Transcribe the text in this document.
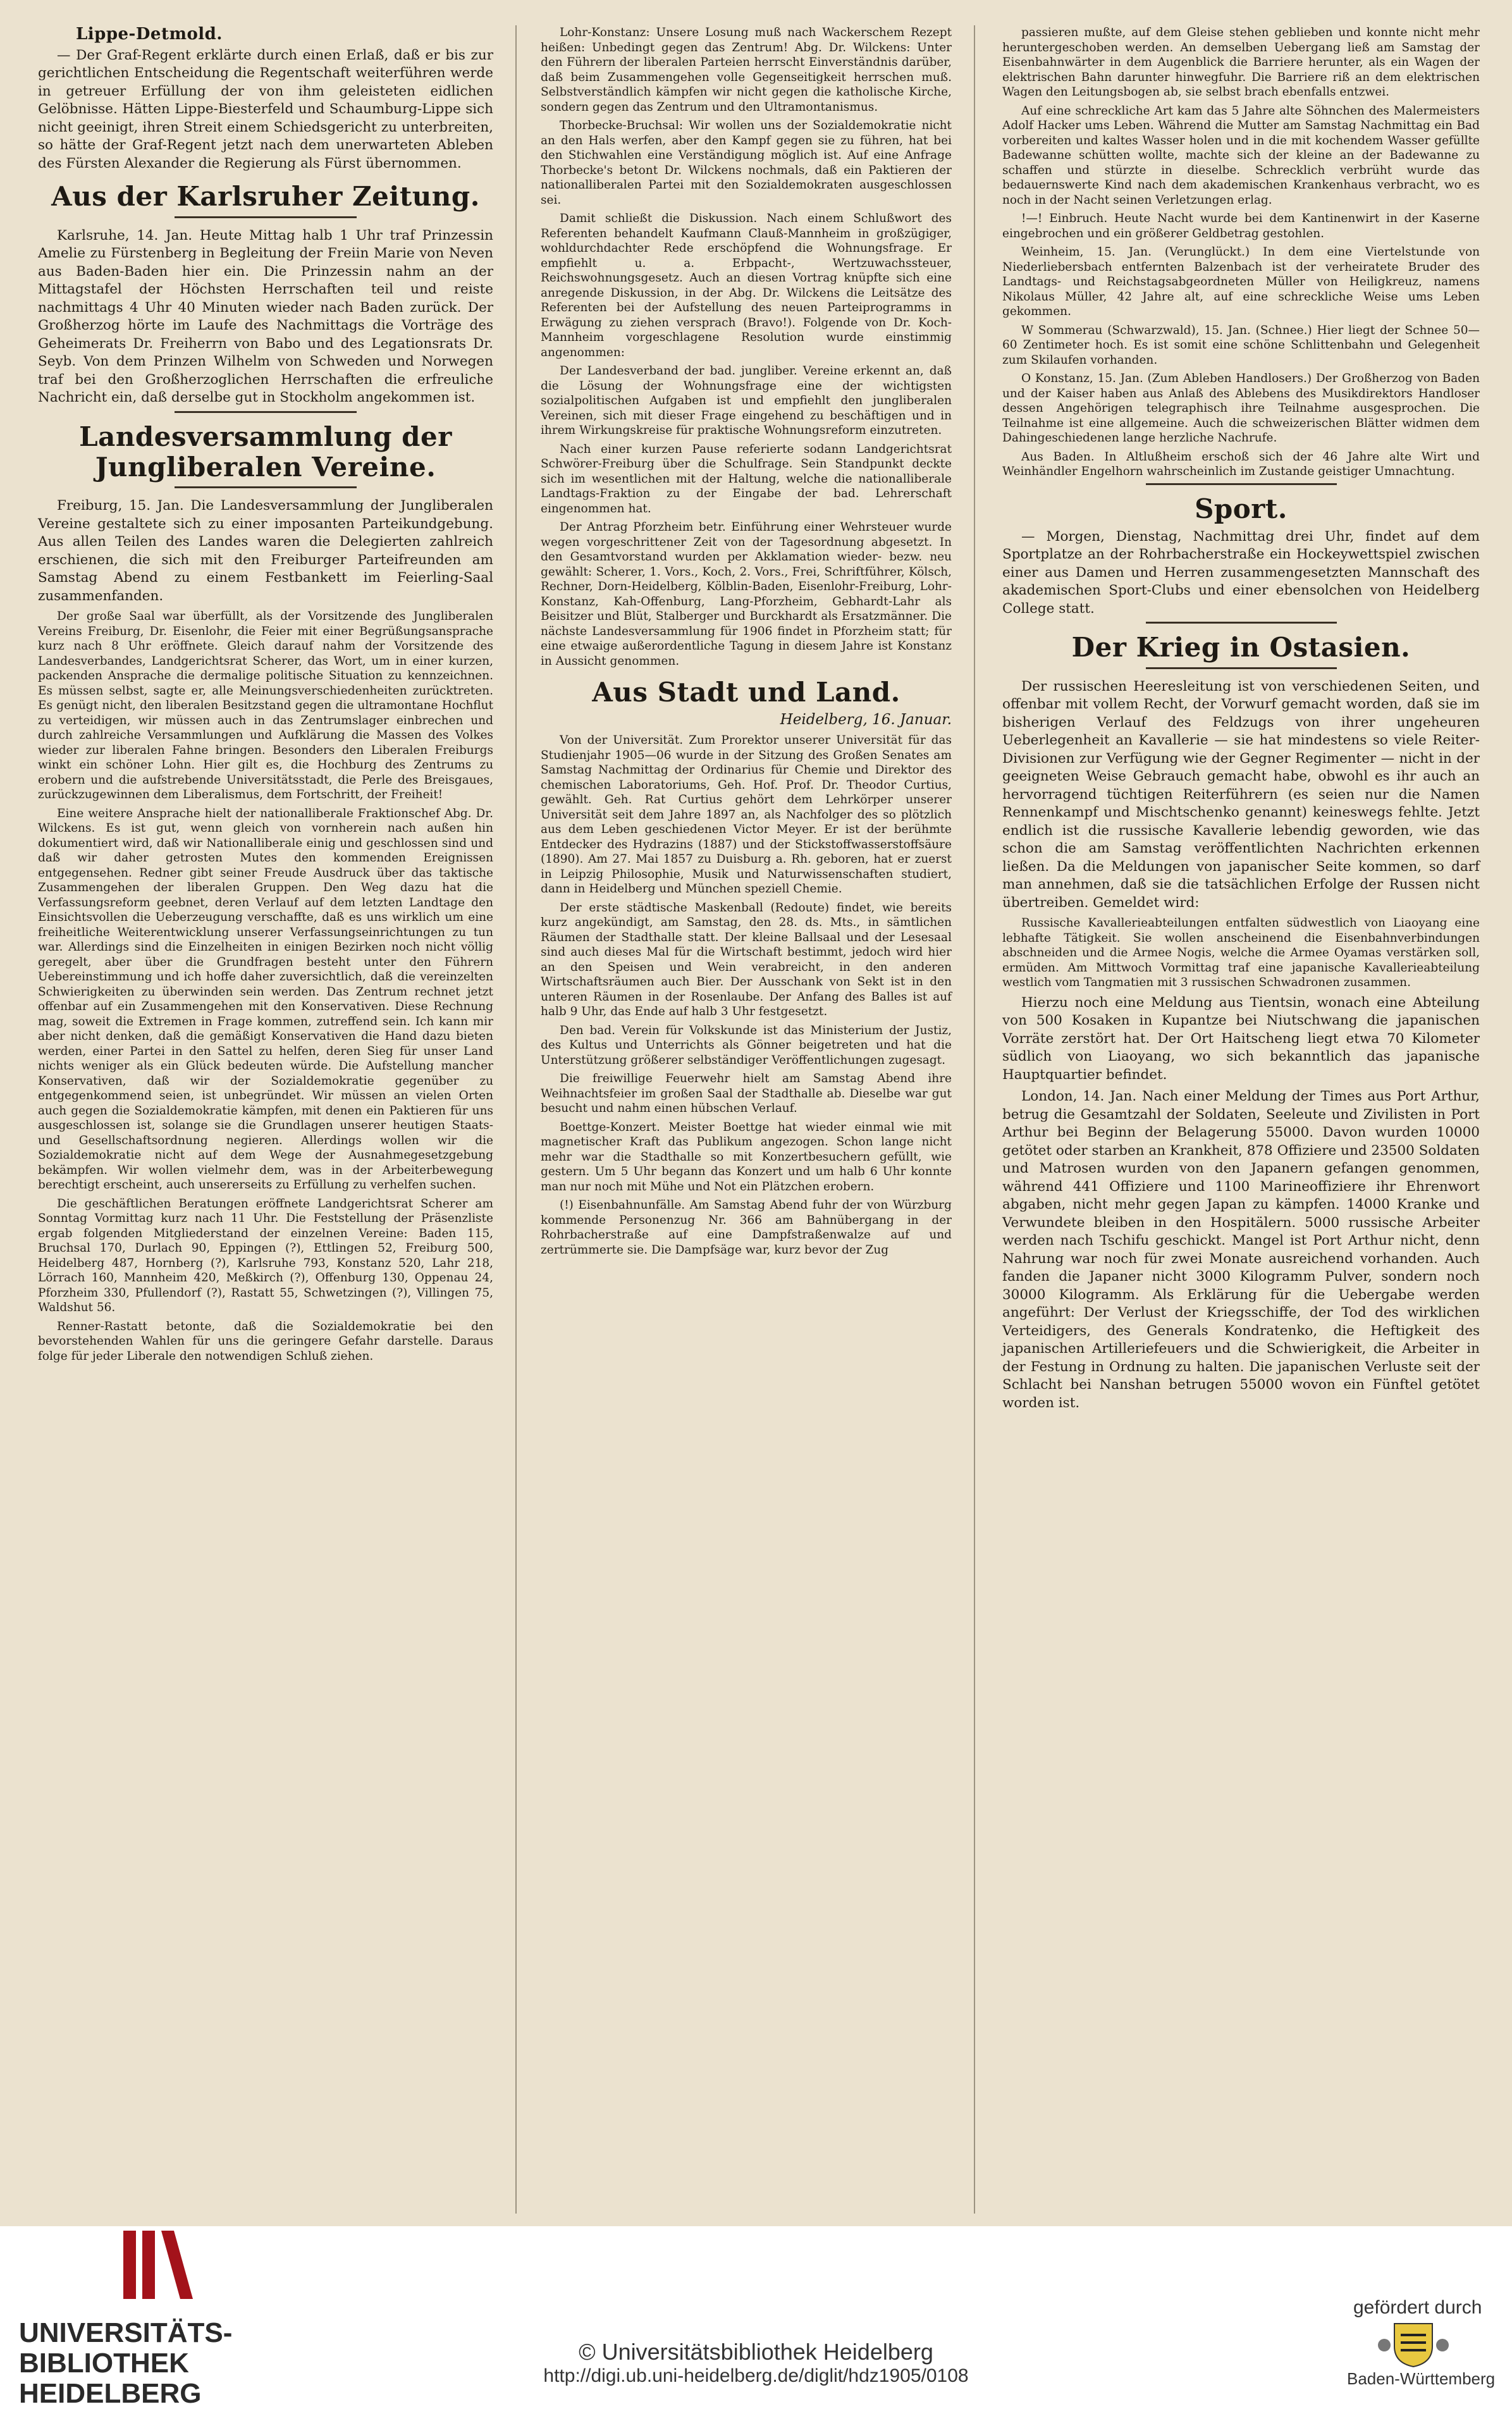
Lippe-Detmold.

— Der Graf-Regent erklärte durch einen Erlaß, daß er bis zur gerichtlichen Entscheidung die Regentschaft weiterführen werde in getreuer Erfüllung der von ihm geleisteten eidlichen Gelöbnisse. Hätten Lippe-Biesterfeld und Schaumburg-Lippe sich nicht geeinigt, ihren Streit einem Schiedsgericht zu unterbreiten, so hätte der Graf-Regent jetzt nach dem unerwarteten Ableben des Fürsten Alexander die Regierung als Fürst übernommen.

Aus der Karlsruher Zeitung.

Karlsruhe, 14. Jan. Heute Mittag halb 1 Uhr traf Prinzessin Amelie zu Fürstenberg in Begleitung der Freiin Marie von Neven aus Baden-Baden hier ein. Die Prinzessin nahm an der Mittagstafel der Höchsten Herrschaften teil und reiste nachmittags 4 Uhr 40 Minuten wieder nach Baden zurück. Der Großherzog hörte im Laufe des Nachmittags die Vorträge des Geheimerats Dr. Freiherrn von Babo und des Legationsrats Dr. Seyb. Von dem Prinzen Wilhelm von Schweden und Norwegen traf bei den Großherzoglichen Herrschaften die erfreuliche Nachricht ein, daß derselbe gut in Stockholm angekommen ist.

Landesversammlung der Jungliberalen Vereine.

Freiburg, 15. Jan. Die Landesversammlung der Jungliberalen Vereine gestaltete sich zu einer imposanten Parteikundgebung. Aus allen Teilen des Landes waren die Delegierten zahlreich erschienen, die sich mit den Freiburger Parteifreunden am Samstag Abend zu einem Festbankett im Feierling-Saal zusammenfanden.

Der große Saal war überfüllt, als der Vorsitzende des Jungliberalen Vereins Freiburg, Dr. Eisenlohr, die Feier mit einer Begrüßungsansprache kurz nach 8 Uhr eröffnete. Gleich darauf nahm der Vorsitzende des Landesverbandes, Landgerichtsrat Scherer, das Wort, um in einer kurzen, packenden Ansprache die dermalige politische Situation zu kennzeichnen. Es müssen selbst, sagte er, alle Meinungsverschiedenheiten zurücktreten. Es genügt nicht, den liberalen Besitzstand gegen die ultramontane Hochflut zu verteidigen, wir müssen auch in das Zentrumslager einbrechen und durch zahlreiche Versammlungen und Aufklärung die Massen des Volkes wieder zur liberalen Fahne bringen. Besonders den Liberalen Freiburgs winkt ein schöner Lohn. Hier gilt es, die Hochburg des Zentrums zu erobern und die aufstrebende Universitätsstadt, die Perle des Breisgaues, zurückzugewinnen dem Liberalismus, dem Fortschritt, der Freiheit!

Eine weitere Ansprache hielt der nationalliberale Fraktionschef Abg. Dr. Wilckens. Es ist gut, wenn gleich von vornherein nach außen hin dokumentiert wird, daß wir Nationalliberale einig und geschlossen sind und daß wir daher getrosten Mutes den kommenden Ereignissen entgegensehen. Redner gibt seiner Freude Ausdruck über das taktische Zusammengehen der liberalen Gruppen. Den Weg dazu hat die Verfassungsreform geebnet, deren Verlauf auf dem letzten Landtage den Einsichtsvollen die Ueberzeugung verschaffte, daß es uns wirklich um eine freiheitliche Weiterentwicklung unserer Verfassungseinrichtungen zu tun war. Allerdings sind die Einzelheiten in einigen Bezirken noch nicht völlig geregelt, aber über die Grundfragen besteht unter den Führern Uebereinstimmung und ich hoffe daher zuversichtlich, daß die vereinzelten Schwierigkeiten zu überwinden sein werden. Das Zentrum rechnet jetzt offenbar auf ein Zusammengehen mit den Konservativen. Diese Rechnung mag, soweit die Extremen in Frage kommen, zutreffend sein. Ich kann mir aber nicht denken, daß die gemäßigt Konservativen die Hand dazu bieten werden, einer Partei in den Sattel zu helfen, deren Sieg für unser Land nichts weniger als ein Glück bedeuten würde. Die Aufstellung mancher Konservativen, daß wir der Sozialdemokratie gegenüber zu entgegenkommend seien, ist unbegründet. Wir müssen an vielen Orten auch gegen die Sozialdemokratie kämpfen, mit denen ein Paktieren für uns ausgeschlossen ist, solange sie die Grundlagen unserer heutigen Staats- und Gesellschaftsordnung negieren. Allerdings wollen wir die Sozialdemokratie nicht auf dem Wege der Ausnahmegesetzgebung bekämpfen. Wir wollen vielmehr dem, was in der Arbeiterbewegung berechtigt erscheint, auch unsererseits zu Erfüllung zu verhelfen suchen.

Die geschäftlichen Beratungen eröffnete Landgerichtsrat Scherer am Sonntag Vormittag kurz nach 11 Uhr. Die Feststellung der Präsenzliste ergab folgenden Mitgliederstand der einzelnen Vereine: Baden 115, Bruchsal 170, Durlach 90, Eppingen (?), Ettlingen 52, Freiburg 500, Heidelberg 487, Hornberg (?), Karlsruhe 793, Konstanz 520, Lahr 218, Lörrach 160, Mannheim 420, Meßkirch (?), Offenburg 130, Oppenau 24, Pforzheim 330, Pfullendorf (?), Rastatt 55, Schwetzingen (?), Villingen 75, Waldshut 56.

Renner-Rastatt betonte, daß die Sozialdemokratie bei den bevorstehenden Wahlen für uns die geringere Gefahr darstelle. Daraus folge für jeder Liberale den notwendigen Schluß ziehen.

Lohr-Konstanz: Unsere Losung muß nach Wackerschem Rezept heißen: Unbedingt gegen das Zentrum! Abg. Dr. Wilckens: Unter den Führern der liberalen Parteien herrscht Einverständnis darüber, daß beim Zusammengehen volle Gegenseitigkeit herrschen muß. Selbstverständlich kämpfen wir nicht gegen die katholische Kirche, sondern gegen das Zentrum und den Ultramontanismus.

Thorbecke-Bruchsal: Wir wollen uns der Sozialdemokratie nicht an den Hals werfen, aber den Kampf gegen sie zu führen, hat bei den Stichwahlen eine Verständigung möglich ist. Auf eine Anfrage Thorbecke's betont Dr. Wilckens nochmals, daß ein Paktieren der nationalliberalen Partei mit den Sozialdemokraten ausgeschlossen sei.

Damit schließt die Diskussion. Nach einem Schlußwort des Referenten behandelt Kaufmann Clauß-Mannheim in großzügiger, wohldurchdachter Rede erschöpfend die Wohnungsfrage. Er empfiehlt u. a. Erbpacht-, Wertzuwachssteuer, Reichswohnungsgesetz. Auch an diesen Vortrag knüpfte sich eine anregende Diskussion, in der Abg. Dr. Wilckens die Leitsätze des Referenten bei der Aufstellung des neuen Parteiprogramms in Erwägung zu ziehen versprach (Bravo!). Folgende von Dr. Koch-Mannheim vorgeschlagene Resolution wurde einstimmig angenommen:

Der Landesverband der bad. jungliber. Vereine erkennt an, daß die Lösung der Wohnungsfrage eine der wichtigsten sozialpolitischen Aufgaben ist und empfiehlt den jungliberalen Vereinen, sich mit dieser Frage eingehend zu beschäftigen und in ihrem Wirkungskreise für praktische Wohnungsreform einzutreten.

Nach einer kurzen Pause referierte sodann Landgerichtsrat Schwörer-Freiburg über die Schulfrage. Sein Standpunkt deckte sich im wesentlichen mit der Haltung, welche die nationalliberale Landtags-Fraktion zu der Eingabe der bad. Lehrerschaft eingenommen hat.

Der Antrag Pforzheim betr. Einführung einer Wehrsteuer wurde wegen vorgeschrittener Zeit von der Tagesordnung abgesetzt. In den Gesamtvorstand wurden per Akklamation wieder- bezw. neu gewählt: Scherer, 1. Vors., Koch, 2. Vors., Frei, Schriftführer, Kölsch, Rechner, Dorn-Heidelberg, Kölblin-Baden, Eisenlohr-Freiburg, Lohr-Konstanz, Kah-Offenburg, Lang-Pforzheim, Gebhardt-Lahr als Beisitzer und Blüt, Stalberger und Burckhardt als Ersatzmänner. Die nächste Landesversammlung für 1906 findet in Pforzheim statt; für eine etwaige außerordentliche Tagung in diesem Jahre ist Konstanz in Aussicht genommen.

Aus Stadt und Land.
Heidelberg, 16. Januar.

Von der Universität. Zum Prorektor unserer Universität für das Studienjahr 1905—06 wurde in der Sitzung des Großen Senates am Samstag Nachmittag der Ordinarius für Chemie und Direktor des chemischen Laboratoriums, Geh. Hof. Prof. Dr. Theodor Curtius, gewählt. Geh. Rat Curtius gehört dem Lehrkörper unserer Universität seit dem Jahre 1897 an, als Nachfolger des so plötzlich aus dem Leben geschiedenen Victor Meyer. Er ist der berühmte Entdecker des Hydrazins (1887) und der Stickstoffwasserstoffsäure (1890). Am 27. Mai 1857 zu Duisburg a. Rh. geboren, hat er zuerst in Leipzig Philosophie, Musik und Naturwissenschaften studiert, dann in Heidelberg und München speziell Chemie.

Der erste städtische Maskenball (Redoute) findet, wie bereits kurz angekündigt, am Samstag, den 28. ds. Mts., in sämtlichen Räumen der Stadthalle statt. Der kleine Ballsaal und der Lesesaal sind auch dieses Mal für die Wirtschaft bestimmt, jedoch wird hier an den Speisen und Wein verabreicht, in den anderen Wirtschaftsräumen auch Bier. Der Ausschank von Sekt ist in den unteren Räumen in der Rosenlaube. Der Anfang des Balles ist auf halb 9 Uhr, das Ende auf halb 3 Uhr festgesetzt.

Den bad. Verein für Volkskunde ist das Ministerium der Justiz, des Kultus und Unterrichts als Gönner beigetreten und hat die Unterstützung größerer selbständiger Veröffentlichungen zugesagt.

Die freiwillige Feuerwehr hielt am Samstag Abend ihre Weihnachtsfeier im großen Saal der Stadthalle ab. Dieselbe war gut besucht und nahm einen hübschen Verlauf.

Boettge-Konzert. Meister Boettge hat wieder einmal wie mit magnetischer Kraft das Publikum angezogen. Schon lange nicht mehr war die Stadthalle so mit Konzertbesuchern gefüllt, wie gestern. Um 5 Uhr begann das Konzert und um halb 6 Uhr konnte man nur noch mit Mühe und Not ein Plätzchen erobern.

(!) Eisenbahnunfälle. Am Samstag Abend fuhr der von Würzburg kommende Personenzug Nr. 366 am Bahnübergang in der Rohrbacherstraße auf eine Dampfstraßenwalze auf und zertrümmerte sie. Die Dampfsäge war, kurz bevor der Zug

passieren mußte, auf dem Gleise stehen geblieben und konnte nicht mehr heruntergeschoben werden. An demselben Uebergang ließ am Samstag der Eisenbahnwärter in dem Augenblick die Barriere herunter, als ein Wagen der elektrischen Bahn darunter hinwegfuhr. Die Barriere riß an dem elektrischen Wagen den Leitungsbogen ab, sie selbst brach ebenfalls entzwei.

Auf eine schreckliche Art kam das 5 Jahre alte Söhnchen des Malermeisters Adolf Hacker ums Leben. Während die Mutter am Samstag Nachmittag ein Bad vorbereiten und kaltes Wasser holen und in die mit kochendem Wasser gefüllte Badewanne schütten wollte, machte sich der kleine an der Badewanne zu schaffen und stürzte in dieselbe. Schrecklich verbrüht wurde das bedauernswerte Kind nach dem akademischen Krankenhaus verbracht, wo es noch in der Nacht seinen Verletzungen erlag.

!—! Einbruch. Heute Nacht wurde bei dem Kantinenwirt in der Kaserne eingebrochen und ein größerer Geldbetrag gestohlen.

Weinheim, 15. Jan. (Verunglückt.) In dem eine Viertelstunde von Niederliebersbach entfernten Balzenbach ist der verheiratete Bruder des Landtags- und Reichstagsabgeordneten Müller von Heiligkreuz, namens Nikolaus Müller, 42 Jahre alt, auf eine schreckliche Weise ums Leben gekommen.

W Sommerau (Schwarzwald), 15. Jan. (Schnee.) Hier liegt der Schnee 50—60 Zentimeter hoch. Es ist somit eine schöne Schlittenbahn und Gelegenheit zum Skilaufen vorhanden.

O Konstanz, 15. Jan. (Zum Ableben Handlosers.) Der Großherzog von Baden und der Kaiser haben aus Anlaß des Ablebens des Musikdirektors Handloser dessen Angehörigen telegraphisch ihre Teilnahme ausgesprochen. Die Teilnahme ist eine allgemeine. Auch die schweizerischen Blätter widmen dem Dahingeschiedenen lange herzliche Nachrufe.

Aus Baden. In Altlußheim erschoß sich der 46 Jahre alte Wirt und Weinhändler Engelhorn wahrscheinlich im Zustande geistiger Umnachtung.

Sport.

— Morgen, Dienstag, Nachmittag drei Uhr, findet auf dem Sportplatze an der Rohrbacherstraße ein Hockeywettspiel zwischen einer aus Damen und Herren zusammengesetzten Mannschaft des akademischen Sport-Clubs und einer ebensolchen von Heidelberg College statt.

Der Krieg in Ostasien.

Der russischen Heeresleitung ist von verschiedenen Seiten, und offenbar mit vollem Recht, der Vorwurf gemacht worden, daß sie im bisherigen Verlauf des Feldzugs von ihrer ungeheuren Ueberlegenheit an Kavallerie — sie hat mindestens so viele Reiter-Divisionen zur Verfügung wie der Gegner Regimenter — nicht in der geeigneten Weise Gebrauch gemacht habe, obwohl es ihr auch an hervorragend tüchtigen Reiterführern (es seien nur die Namen Rennenkampf und Mischtschenko genannt) keineswegs fehlte. Jetzt endlich ist die russische Kavallerie lebendig geworden, wie das schon die am Samstag veröffentlichten Nachrichten erkennen ließen. Da die Meldungen von japanischer Seite kommen, so darf man annehmen, daß sie die tatsächlichen Erfolge der Russen nicht übertreiben. Gemeldet wird:

Russische Kavallerieabteilungen entfalten südwestlich von Liaoyang eine lebhafte Tätigkeit. Sie wollen anscheinend die Eisenbahnverbindungen abschneiden und die Armee Nogis, welche die Armee Oyamas verstärken soll, ermüden. Am Mittwoch Vormittag traf eine japanische Kavallerieabteilung westlich vom Tangmatien mit 3 russischen Schwadronen zusammen.

Hierzu noch eine Meldung aus Tientsin, wonach eine Abteilung von 500 Kosaken in Kupantze bei Niutschwang die japanischen Vorräte zerstört hat. Der Ort Haitscheng liegt etwa 70 Kilometer südlich von Liaoyang, wo sich bekanntlich das japanische Hauptquartier befindet.

London, 14. Jan. Nach einer Meldung der Times aus Port Arthur, betrug die Gesamtzahl der Soldaten, Seeleute und Zivilisten in Port Arthur bei Beginn der Belagerung 55000. Davon wurden 10000 getötet oder starben an Krankheit, 878 Offiziere und 23500 Soldaten und Matrosen wurden von den Japanern gefangen genommen, während 441 Offiziere und 1100 Marineoffiziere ihr Ehrenwort abgaben, nicht mehr gegen Japan zu kämpfen. 14000 Kranke und Verwundete bleiben in den Hospitälern. 5000 russische Arbeiter werden nach Tschifu geschickt. Mangel ist Port Arthur nicht, denn Nahrung war noch für zwei Monate ausreichend vorhanden. Auch fanden die Japaner nicht 3000 Kilogramm Pulver, sondern noch 30000 Kilogramm. Als Erklärung für die Uebergabe werden angeführt: Der Verlust der Kriegsschiffe, der Tod des wirklichen Verteidigers, des Generals Kondratenko, die Heftigkeit des japanischen Artilleriefeuers und die Schwierigkeit, die Arbeiter in der Festung in Ordnung zu halten. Die japanischen Verluste seit der Schlacht bei Nanshan betrugen 55000 wovon ein Fünftel getötet worden ist.

UNIVERSITÄTS-BIBLIOTHEK HEIDELBERG
© Universitätsbibliothek Heidelberg
http://digi.ub.uni-heidelberg.de/diglit/hdz1905/0108
gefördert durch
Baden-Württemberg
